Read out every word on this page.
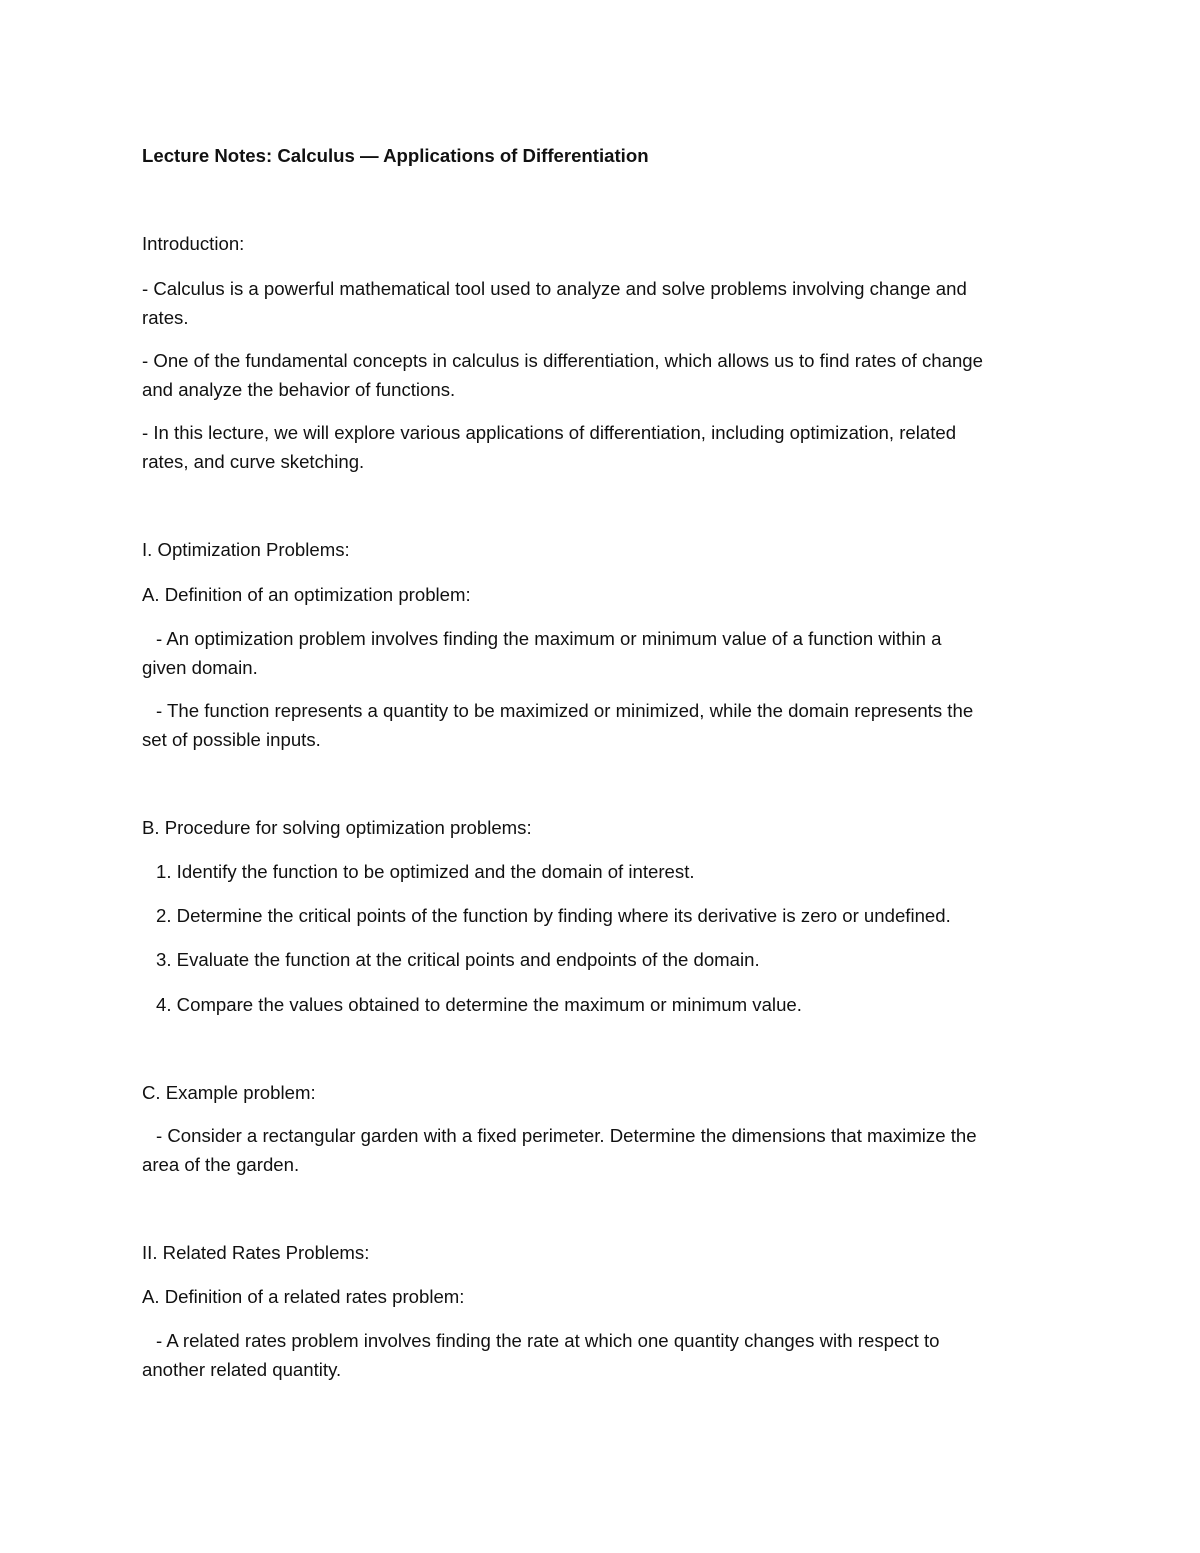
Lecture Notes: Calculus — Applications of Differentiation
Introduction:
- Calculus is a powerful mathematical tool used to analyze and solve problems involving change and
rates.
- One of the fundamental concepts in calculus is differentiation, which allows us to find rates of change
and analyze the behavior of functions.
- In this lecture, we will explore various applications of differentiation, including optimization, related
rates, and curve sketching.
I. Optimization Problems:
A. Definition of an optimization problem:
- An optimization problem involves finding the maximum or minimum value of a function within a
given domain.
- The function represents a quantity to be maximized or minimized, while the domain represents the
set of possible inputs.
B. Procedure for solving optimization problems:
1. Identify the function to be optimized and the domain of interest.
2. Determine the critical points of the function by finding where its derivative is zero or undefined.
3. Evaluate the function at the critical points and endpoints of the domain.
4. Compare the values obtained to determine the maximum or minimum value.
C. Example problem:
- Consider a rectangular garden with a fixed perimeter. Determine the dimensions that maximize the
area of the garden.
II. Related Rates Problems:
A. Definition of a related rates problem:
- A related rates problem involves finding the rate at which one quantity changes with respect to
another related quantity.
